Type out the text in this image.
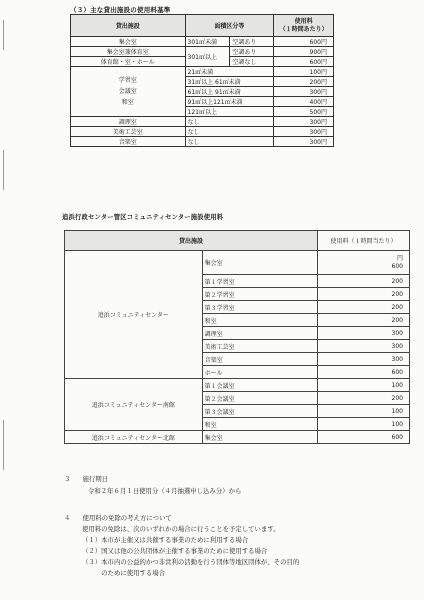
（３）主な貸出施設の使用料基準
貸出施設	面積区分等		使用料
（１時間あたり）
集会室	301㎡未満	空調あり	600円
集会室兼体育室	301㎡以上	空調あり	900円
体育館・室・ホール		空調なし	600円

学習室
会議室
和室	21㎡未満		100円
	31㎡以上 61㎡未満		200円
	61㎡以上 91㎡未満		300円
	91㎡以上121㎡未満		400円
	121㎡以上		500円
調理室	なし		300円
美術工芸室	なし		300円
音楽室	なし		300円
追浜行政センター管区コミュニティセンター施設使用料
貸出施設		使用料（１時間当たり）
追浜コミュニティセンター	集会室	円
600

	第１学習室	200
	第２学習室	200
	第３学習室	200
	和室	200
	調理室	300
	美術工芸室	300
	音楽室	300
	ホール	600
追浜コミュニティセンター南館	第１会議室	100
	第２会議室	200
	第３会議室	100
	和室	100
追浜コミュニティセンター北館	集会室	600
３ 施行期日
令和２年６月１日使用分（４月抽選申し込み分）から
４ 使用料の免除の考え方について
使用料の免除は、次のいずれかの場合に行うことを予定しています。
（１）本市が主催又は共催する事業のために利用する場合
（２）国又は他の公共団体が主催する事業のために使用する場合
（３）本市内の公益的かつ非営利の活動を行う団体等地区団体が、その目的
　　　のために使用する場合
